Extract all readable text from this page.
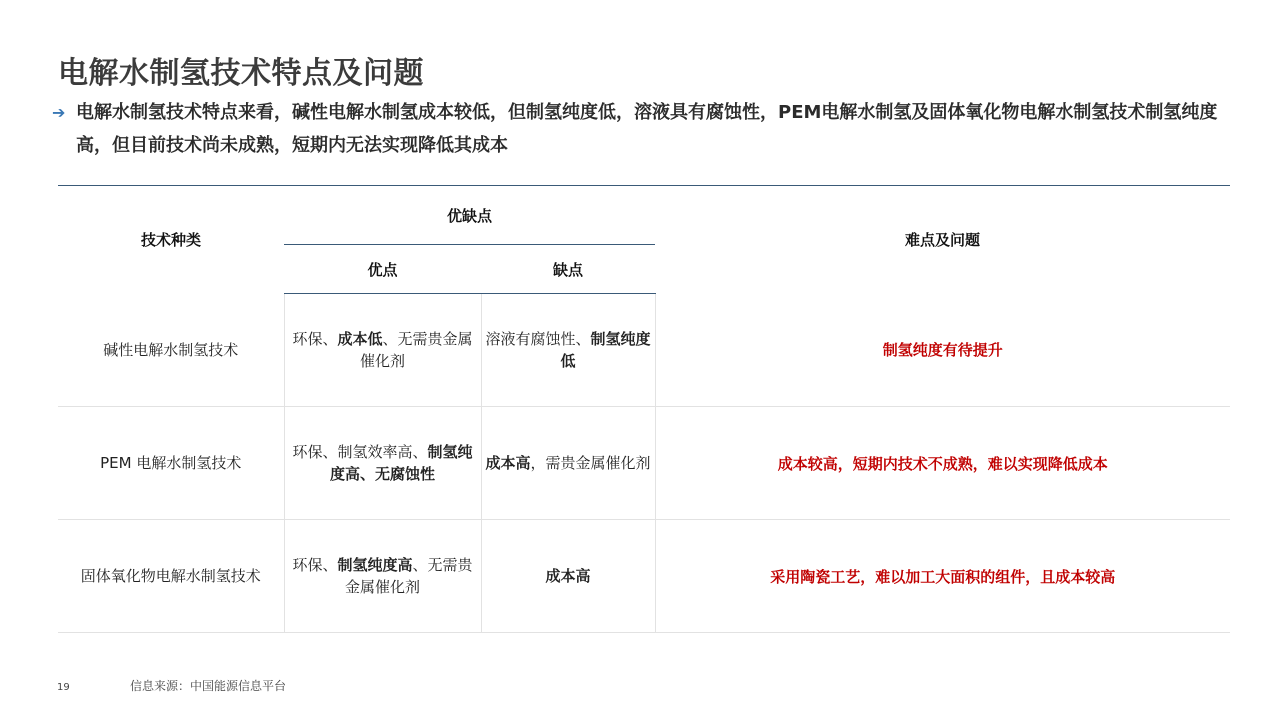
电解水制氢技术特点及问题
➔ 电解水制氢技术特点来看，碱性电解水制氢成本较低，但制氢纯度低，溶液具有腐蚀性，PEM电解水制氢及固体氧化物电解水制氢技术制氢纯度高，但目前技术尚未成熟，短期内无法实现降低其成本
技术种类	优缺点		难点及问题
	优点	缺点	
碱性电解水制氢技术	环保、成本低、无需贵金属催化剂	溶液有腐蚀性、制氢纯度低	制氢纯度有待提升
PEM 电解水制氢技术	环保、制氢效率高、制氢纯度高、无腐蚀性	成本高，需贵金属催化剂	成本较高，短期内技术不成熟，难以实现降低成本
固体氧化物电解水制氢技术	环保、制氢纯度高、无需贵金属催化剂	成本高	采用陶瓷工艺，难以加工大面积的组件，且成本较高
19	信息来源：中国能源信息平台
